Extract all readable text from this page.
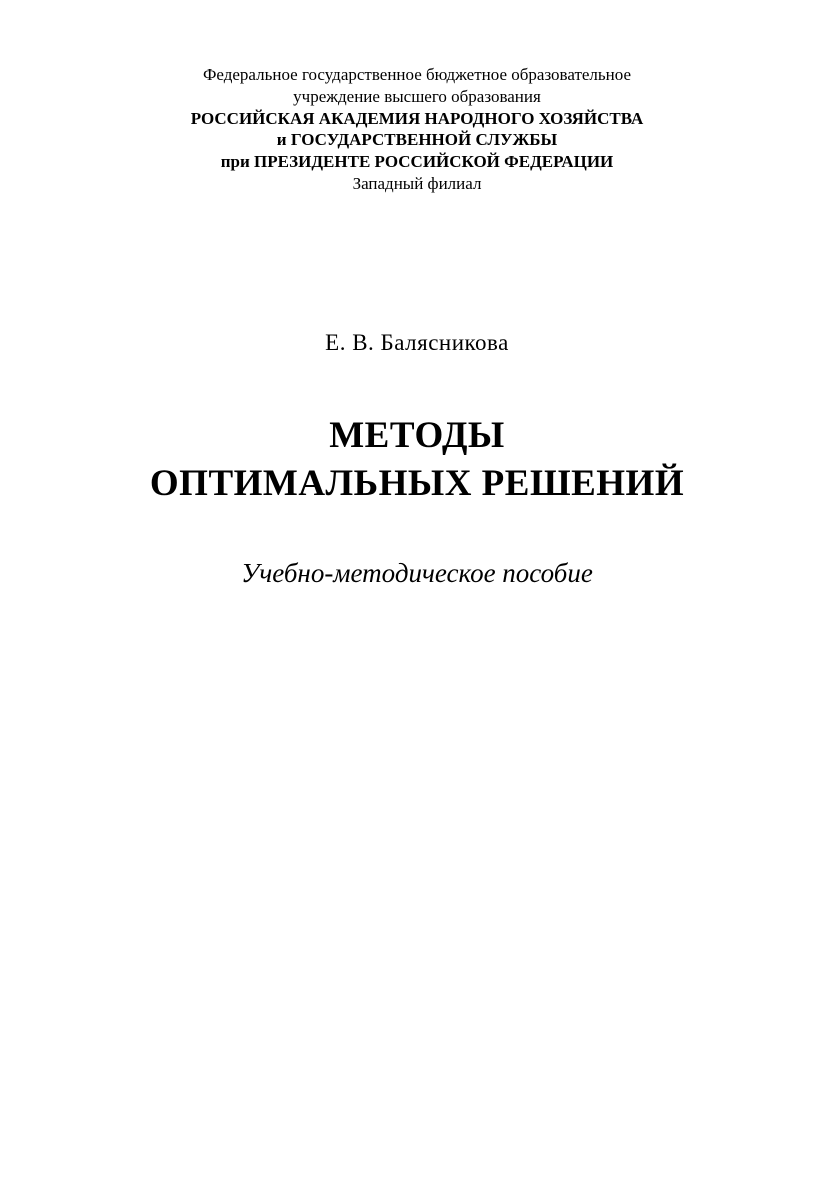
Федеральное государственное бюджетное образовательное
учреждение высшего образования
РОССИЙСКАЯ АКАДЕМИЯ НАРОДНОГО ХОЗЯЙСТВА
и ГОСУДАРСТВЕННОЙ СЛУЖБЫ
при ПРЕЗИДЕНТЕ РОССИЙСКОЙ ФЕДЕРАЦИИ
Западный филиал
Е. В. Балясникова
МЕТОДЫ
ОПТИМАЛЬНЫХ РЕШЕНИЙ
Учебно-методическое пособие
